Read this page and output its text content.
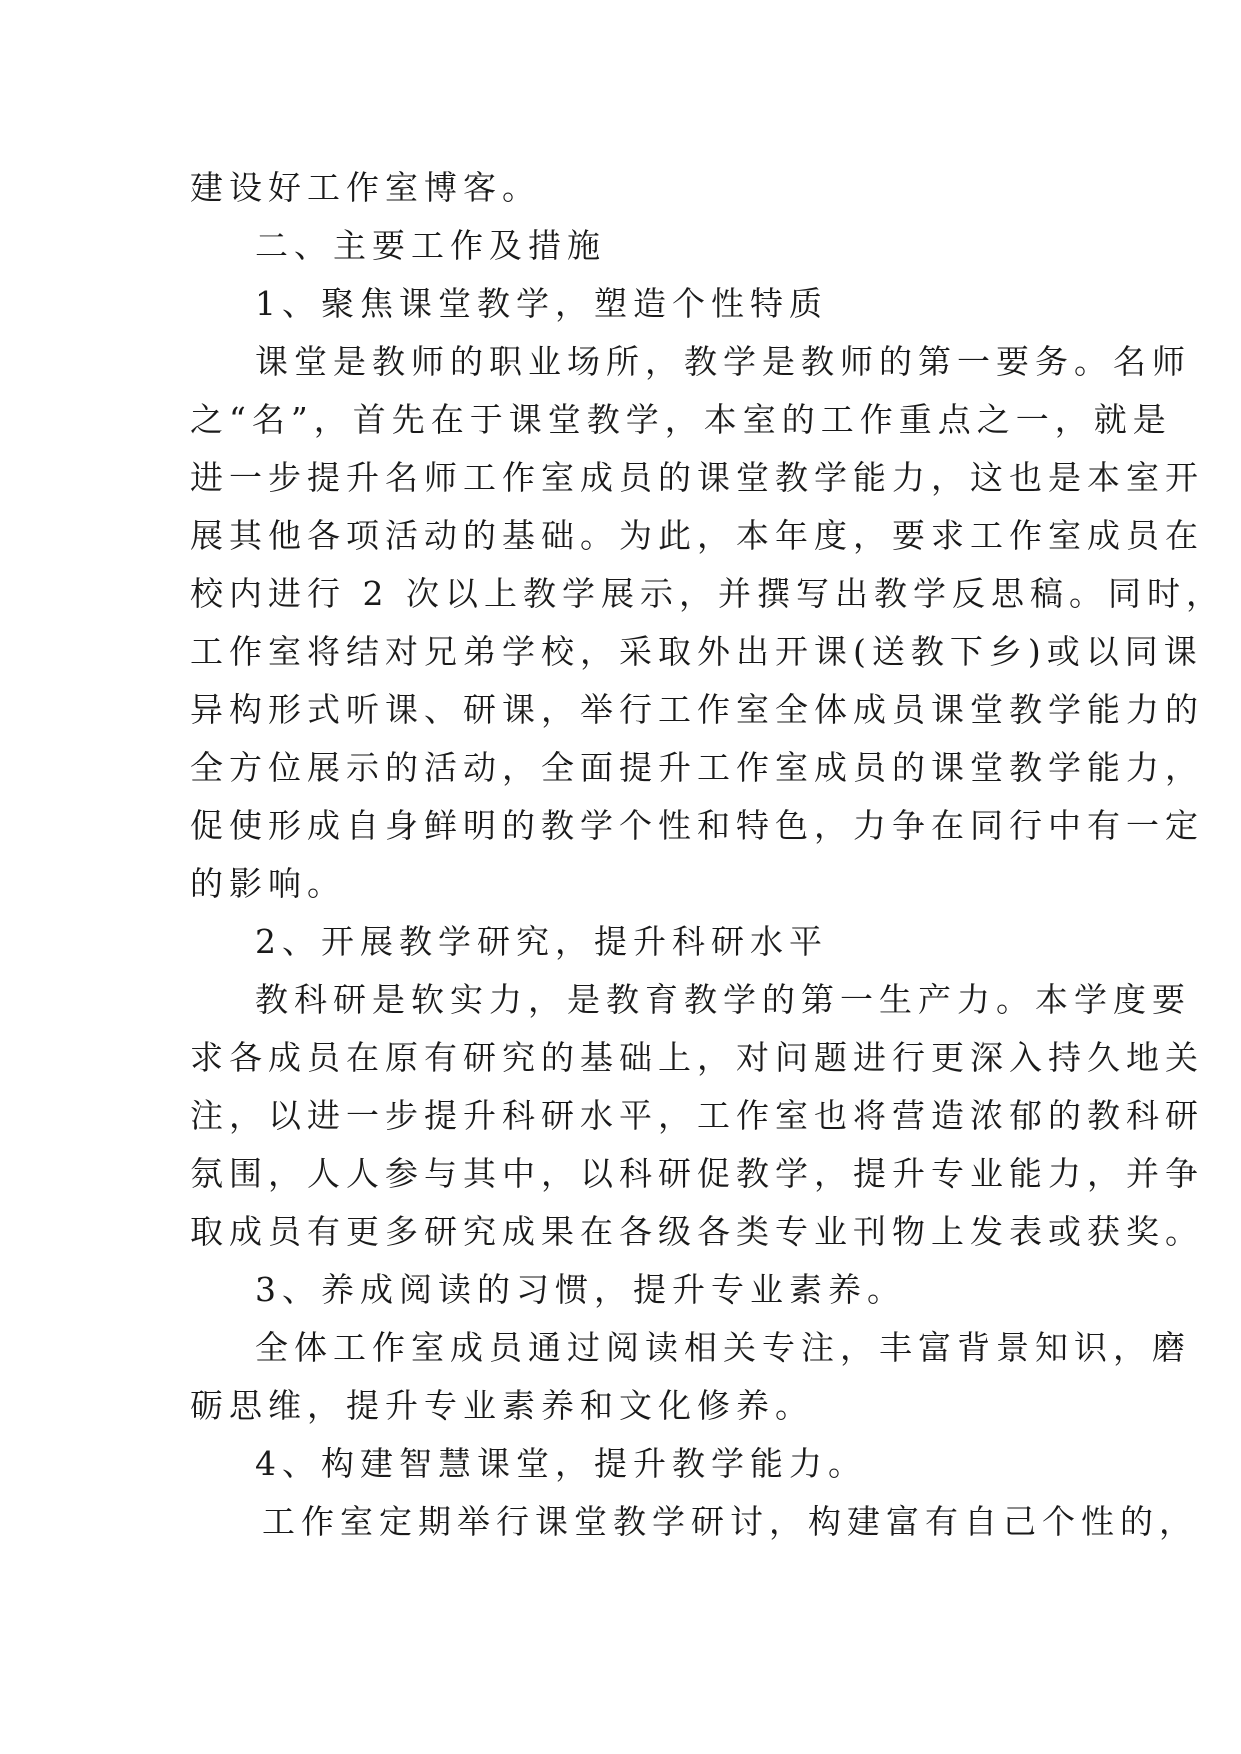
建设好工作室博客。
二、主要工作及措施
1、聚焦课堂教学，塑造个性特质
课堂是教师的职业场所，教学是教师的第一要务。名师
之“名”，首先在于课堂教学，本室的工作重点之一，就是
进一步提升名师工作室成员的课堂教学能力，这也是本室开
展其他各项活动的基础。为此，本年度，要求工作室成员在
校内进行 2 次以上教学展示，并撰写出教学反思稿。同时，
工作室将结对兄弟学校，采取外出开课(送教下乡)或以同课
异构形式听课、研课，举行工作室全体成员课堂教学能力的
全方位展示的活动，全面提升工作室成员的课堂教学能力，
促使形成自身鲜明的教学个性和特色，力争在同行中有一定
的影响。
2、开展教学研究，提升科研水平
教科研是软实力，是教育教学的第一生产力。本学度要
求各成员在原有研究的基础上，对问题进行更深入持久地关
注，以进一步提升科研水平，工作室也将营造浓郁的教科研
氛围，人人参与其中，以科研促教学，提升专业能力，并争
取成员有更多研究成果在各级各类专业刊物上发表或获奖。
3、养成阅读的习惯，提升专业素养。
全体工作室成员通过阅读相关专注，丰富背景知识，磨
砺思维，提升专业素养和文化修养。
4、构建智慧课堂，提升教学能力。
工作室定期举行课堂教学研讨，构建富有自己个性的，
